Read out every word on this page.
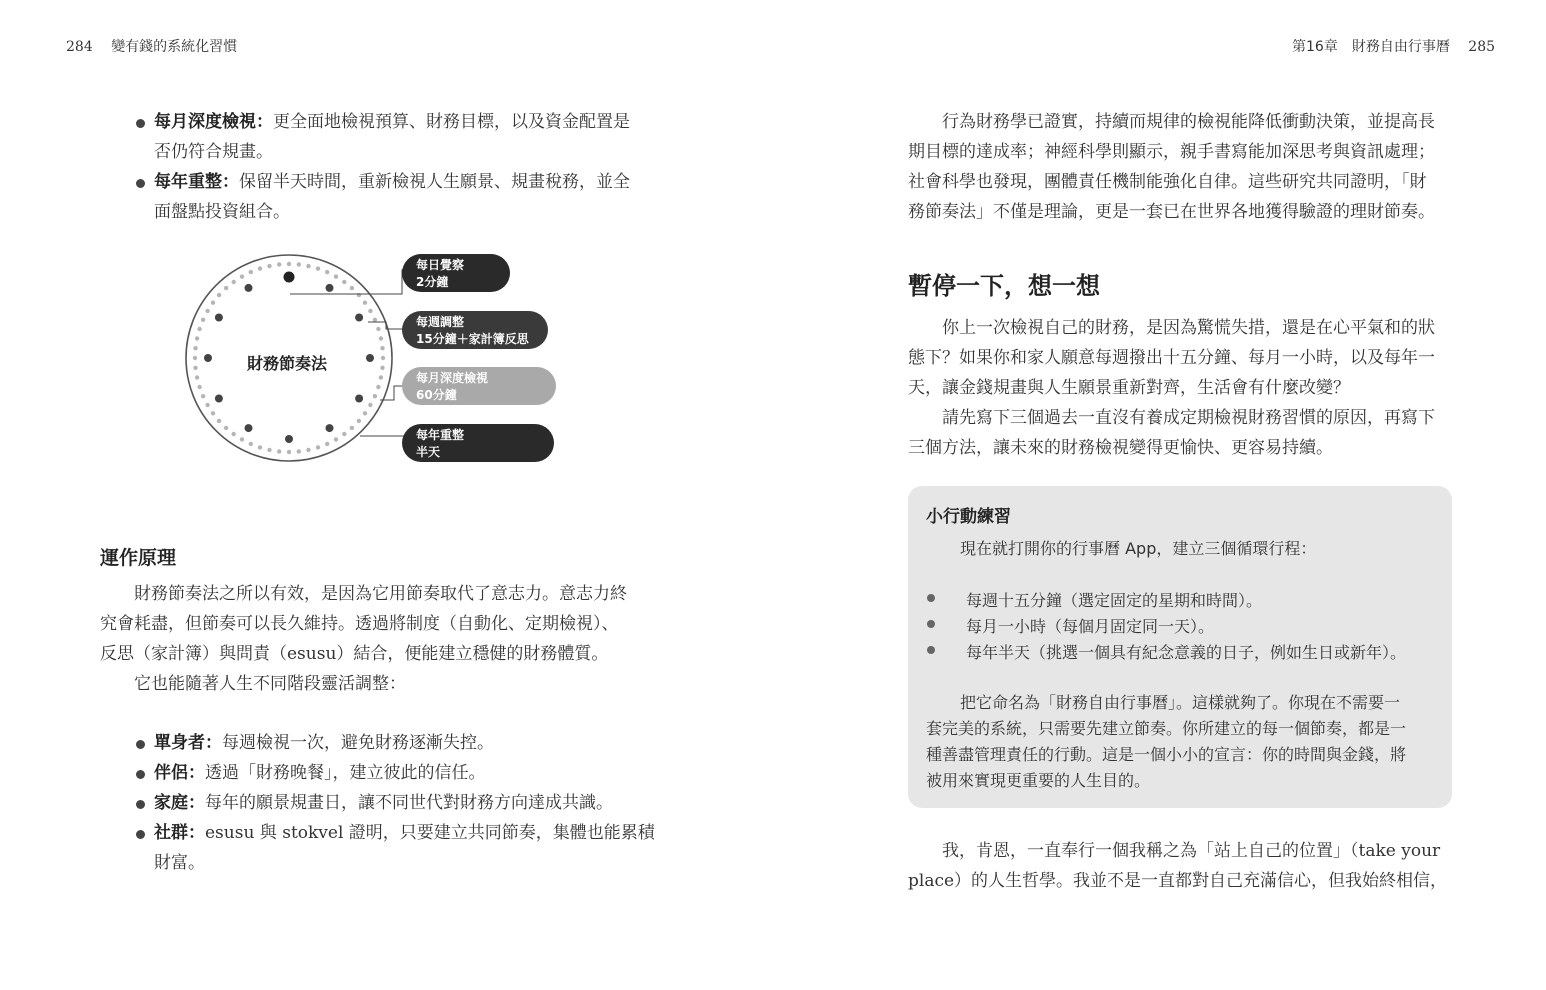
284 變有錢的系統化習慣
每月深度檢視：更全面地檢視預算、財務目標，以及資金配置是
否仍符合規畫。
每年重整：保留半天時間，重新檢視人生願景、規畫稅務，並全
面盤點投資組合。
財務節奏法
每日覺察
2分鐘
每週調整
15分鐘＋家計簿反思
每月深度檢視
60分鐘
每年重整
半天
運作原理
財務節奏法之所以有效，是因為它用節奏取代了意志力。意志力終
究會耗盡，但節奏可以長久維持。透過將制度（自動化、定期檢視）、
反思（家計簿）與問責（esusu）結合，便能建立穩健的財務體質。
它也能隨著人生不同階段靈活調整：
單身者：每週檢視一次，避免財務逐漸失控。
伴侶：透過「財務晚餐」，建立彼此的信任。
家庭：每年的願景規畫日，讓不同世代對財務方向達成共識。
社群：esusu 與 stokvel 證明，只要建立共同節奏，集體也能累積
財富。
第16章　財務自由行事曆 285
行為財務學已證實，持續而規律的檢視能降低衝動決策，並提高長
期目標的達成率；神經科學則顯示，親手書寫能加深思考與資訊處理；
社會科學也發現，團體責任機制能強化自律。這些研究共同證明，「財
務節奏法」不僅是理論，更是一套已在世界各地獲得驗證的理財節奏。
暫停一下，想一想
你上一次檢視自己的財務，是因為驚慌失措，還是在心平氣和的狀
態下？如果你和家人願意每週撥出十五分鐘、每月一小時，以及每年一
天，讓金錢規畫與人生願景重新對齊，生活會有什麼改變？
請先寫下三個過去一直沒有養成定期檢視財務習慣的原因，再寫下
三個方法，讓未來的財務檢視變得更愉快、更容易持續。
小行動練習
現在就打開你的行事曆 App，建立三個循環行程：
每週十五分鐘（選定固定的星期和時間）。
每月一小時（每個月固定同一天）。
每年半天（挑選一個具有紀念意義的日子，例如生日或新年）。
把它命名為「財務自由行事曆」。這樣就夠了。你現在不需要一
套完美的系統，只需要先建立節奏。你所建立的每一個節奏，都是一
種善盡管理責任的行動。這是一個小小的宣言：你的時間與金錢，將
被用來實現更重要的人生目的。
我，肯恩，一直奉行一個我稱之為「站上自己的位置」（take your
place）的人生哲學。我並不是一直都對自己充滿信心，但我始終相信，
